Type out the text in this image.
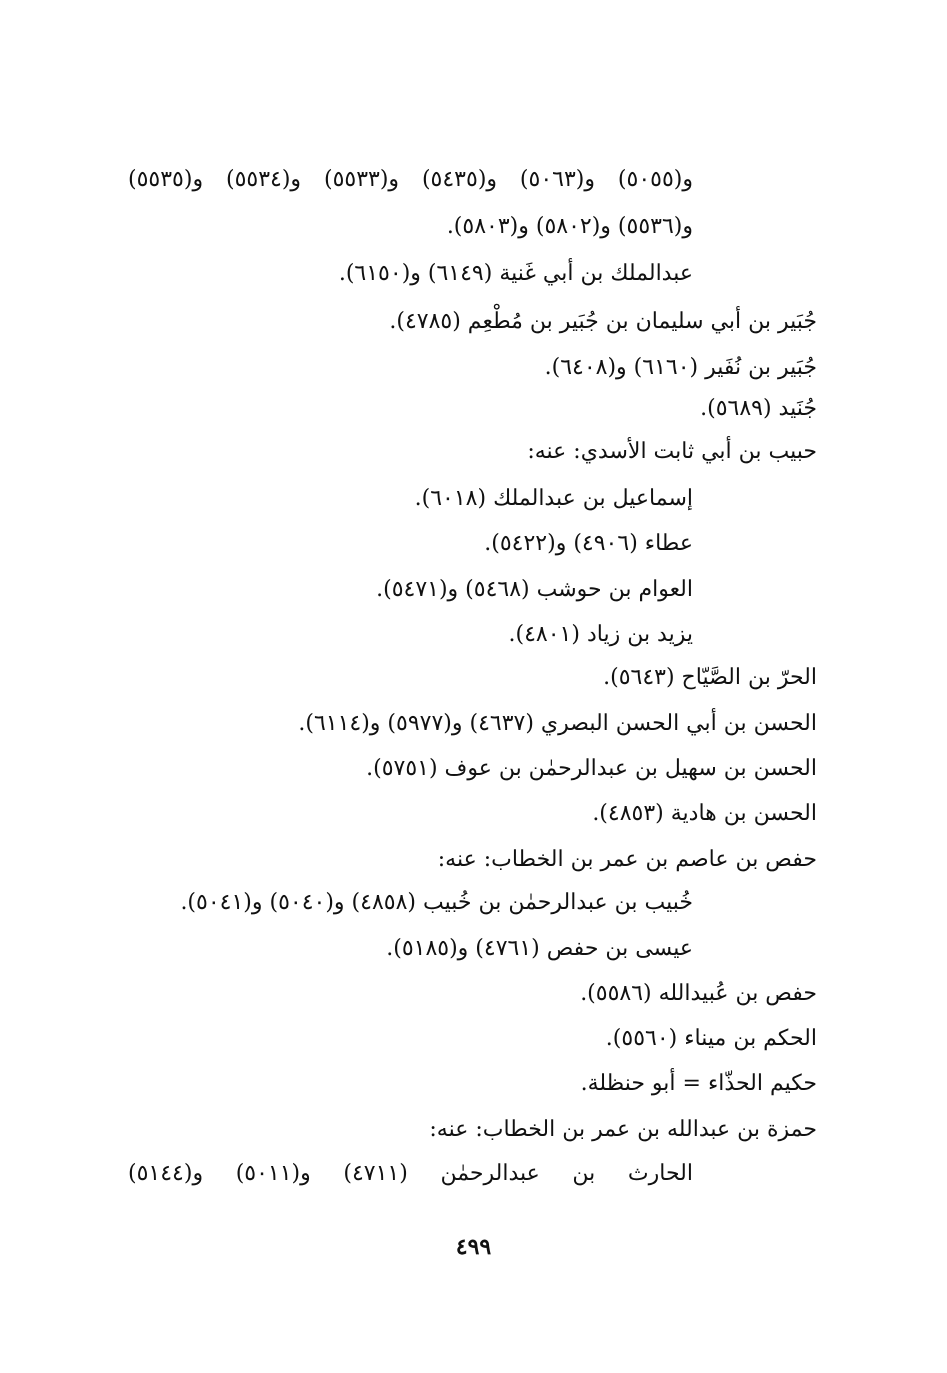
و(٥٠٥٥) و(٥٠٦٣) و(٥٤٣٥) و(٥٥٣٣) و(٥٥٣٤) و(٥٥٣٥)
و(٥٥٣٦) و(٥٨٠٢) و(٥٨٠٣).
عبدالملك بن أبي غَنية (٦١٤٩) و(٦١٥٠).
جُبَير بن أبي سليمان بن جُبَير بن مُطْعِم (٤٧٨٥).
جُبَير بن نُفَير (٦١٦٠) و(٦٤٠٨).
جُنَيد (٥٦٨٩).
حبيب بن أبي ثابت الأسدي: عنه:
إسماعيل بن عبدالملك (٦٠١٨).
عطاء (٤٩٠٦) و(٥٤٢٢).
العوام بن حوشب (٥٤٦٨) و(٥٤٧١).
يزيد بن زياد (٤٨٠١).
الحرّ بن الصَّيّاح (٥٦٤٣).
الحسن بن أبي الحسن البصري (٤٦٣٧) و(٥٩٧٧) و(٦١١٤).
الحسن بن سهيل بن عبدالرحمٰن بن عوف (٥٧٥١).
الحسن بن هادية (٤٨٥٣).
حفص بن عاصم بن عمر بن الخطاب: عنه:
خُبيب بن عبدالرحمٰن بن خُبيب (٤٨٥٨) و(٥٠٤٠) و(٥٠٤١).
عيسى بن حفص (٤٧٦١) و(٥١٨٥).
حفص بن عُبيدالله (٥٥٨٦).
الحكم بن ميناء (٥٥٦٠).
حكيم الحذّاء = أبو حنظلة.
حمزة بن عبدالله بن عمر بن الخطاب: عنه:
الحارث بن عبدالرحمٰن (٤٧١١) و(٥٠١١) و(٥١٤٤)
٤٩٩
